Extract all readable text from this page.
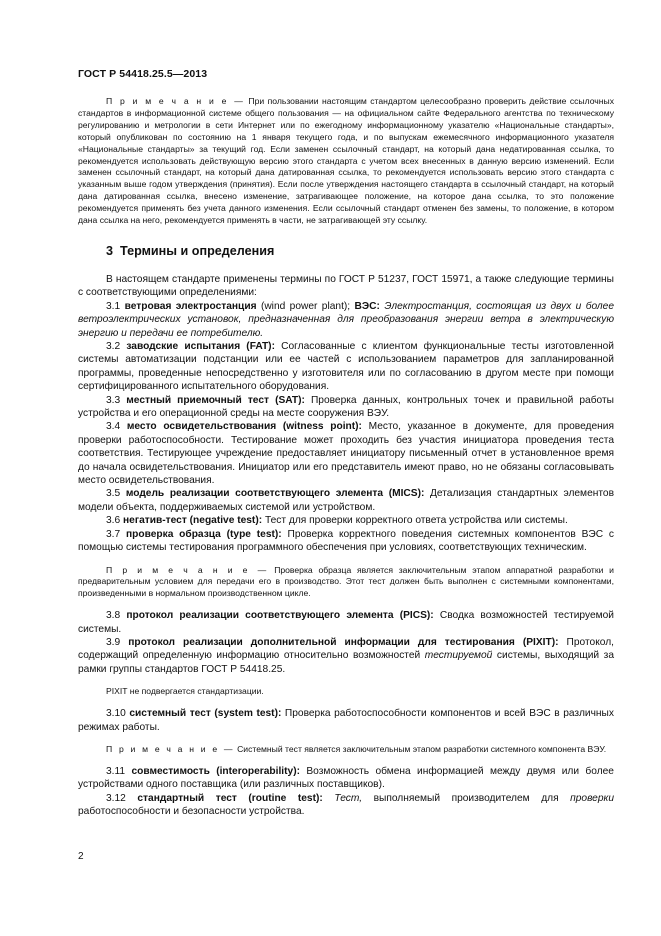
ГОСТ Р 54418.25.5—2013

П р и м е ч а н и е — При пользовании настоящим стандартом целесообразно проверить действие ссылочных стандартов в информационной системе общего пользования — на официальном сайте Федерального агентства по техническому регулированию и метрологии в сети Интернет или по ежегодному информационному указателю «Национальные стандарты», который опубликован по состоянию на 1 января текущего года, и по выпускам ежемесячного информационного указателя «Национальные стандарты» за текущий год. Если заменен ссылочный стандарт, на который дана недатированная ссылка, то рекомендуется использовать действующую версию этого стандарта с учетом всех внесенных в данную версию изменений. Если заменен ссылочный стандарт, на который дана датированная ссылка, то рекомендуется использовать версию этого стандарта с указанным выше годом утверждения (принятия). Если после утверждения настоящего стандарта в ссылочный стандарт, на который дана датированная ссылка, внесено изменение, затрагивающее положение, на которое дана ссылка, то это положение рекомендуется применять без учета данного изменения. Если ссылочный стандарт отменен без замены, то положение, в котором дана ссылка на него, рекомендуется применять в части, не затрагивающей эту ссылку.

3 Термины и определения

В настоящем стандарте применены термины по ГОСТ Р 51237, ГОСТ 15971, а также следующие термины с соответствующими определениями:

3.1 ветровая электростанция (wind power plant); ВЭС: Электростанция, состоящая из двух и более ветроэлектрических установок, предназначенная для преобразования энергии ветра в электрическую энергию и передачи ее потребителю.

3.2 заводские испытания (FAT): Согласованные с клиентом функциональные тесты изготовленной системы автоматизации подстанции или ее частей с использованием параметров для запланированной программы, проведенные непосредственно у изготовителя или по согласованию в другом месте при помощи сертифицированного испытательного оборудования.

3.3 местный приемочный тест (SAT): Проверка данных, контрольных точек и правильной работы устройства и его операционной среды на месте сооружения ВЭУ.

3.4 место освидетельствования (witness point): Место, указанное в документе, для проведения проверки работоспособности. Тестирование может проходить без участия инициатора проведения теста соответствия. Тестирующее учреждение предоставляет инициатору письменный отчет в установленное время до начала освидетельствования. Инициатор или его представитель имеют право, но не обязаны согласовывать место освидетельствования.

3.5 модель реализации соответствующего элемента (MICS): Детализация стандартных элементов модели объекта, поддерживаемых системой или устройством.

3.6 негатив-тест (negative test): Тест для проверки корректного ответа устройства или системы.

3.7 проверка образца (type test): Проверка корректного поведения системных компонентов ВЭС с помощью системы тестирования программного обеспечения при условиях, соответствующих техническим.

П р и м е ч а н и е — Проверка образца является заключительным этапом аппаратной разработки и предварительным условием для передачи его в производство. Этот тест должен быть выполнен с системными компонентами, произведенными в нормальном производственном цикле.

3.8 протокол реализации соответствующего элемента (PICS): Сводка возможностей тестируемой системы.

3.9 протокол реализации дополнительной информации для тестирования (PIXIT): Протокол, содержащий определенную информацию относительно возможностей тестируемой системы, выходящий за рамки группы стандартов ГОСТ Р 54418.25.

PIXIT не подвергается стандартизации.

3.10 системный тест (system test): Проверка работоспособности компонентов и всей ВЭС в различных режимах работы.

П р и м е ч а н и е — Системный тест является заключительным этапом разработки системного компонента ВЭУ.

3.11 совместимость (interoperability): Возможность обмена информацией между двумя или более устройствами одного поставщика (или различных поставщиков).

3.12 стандартный тест (routine test): Тест, выполняемый производителем для проверки работоспособности и безопасности устройства.

2
